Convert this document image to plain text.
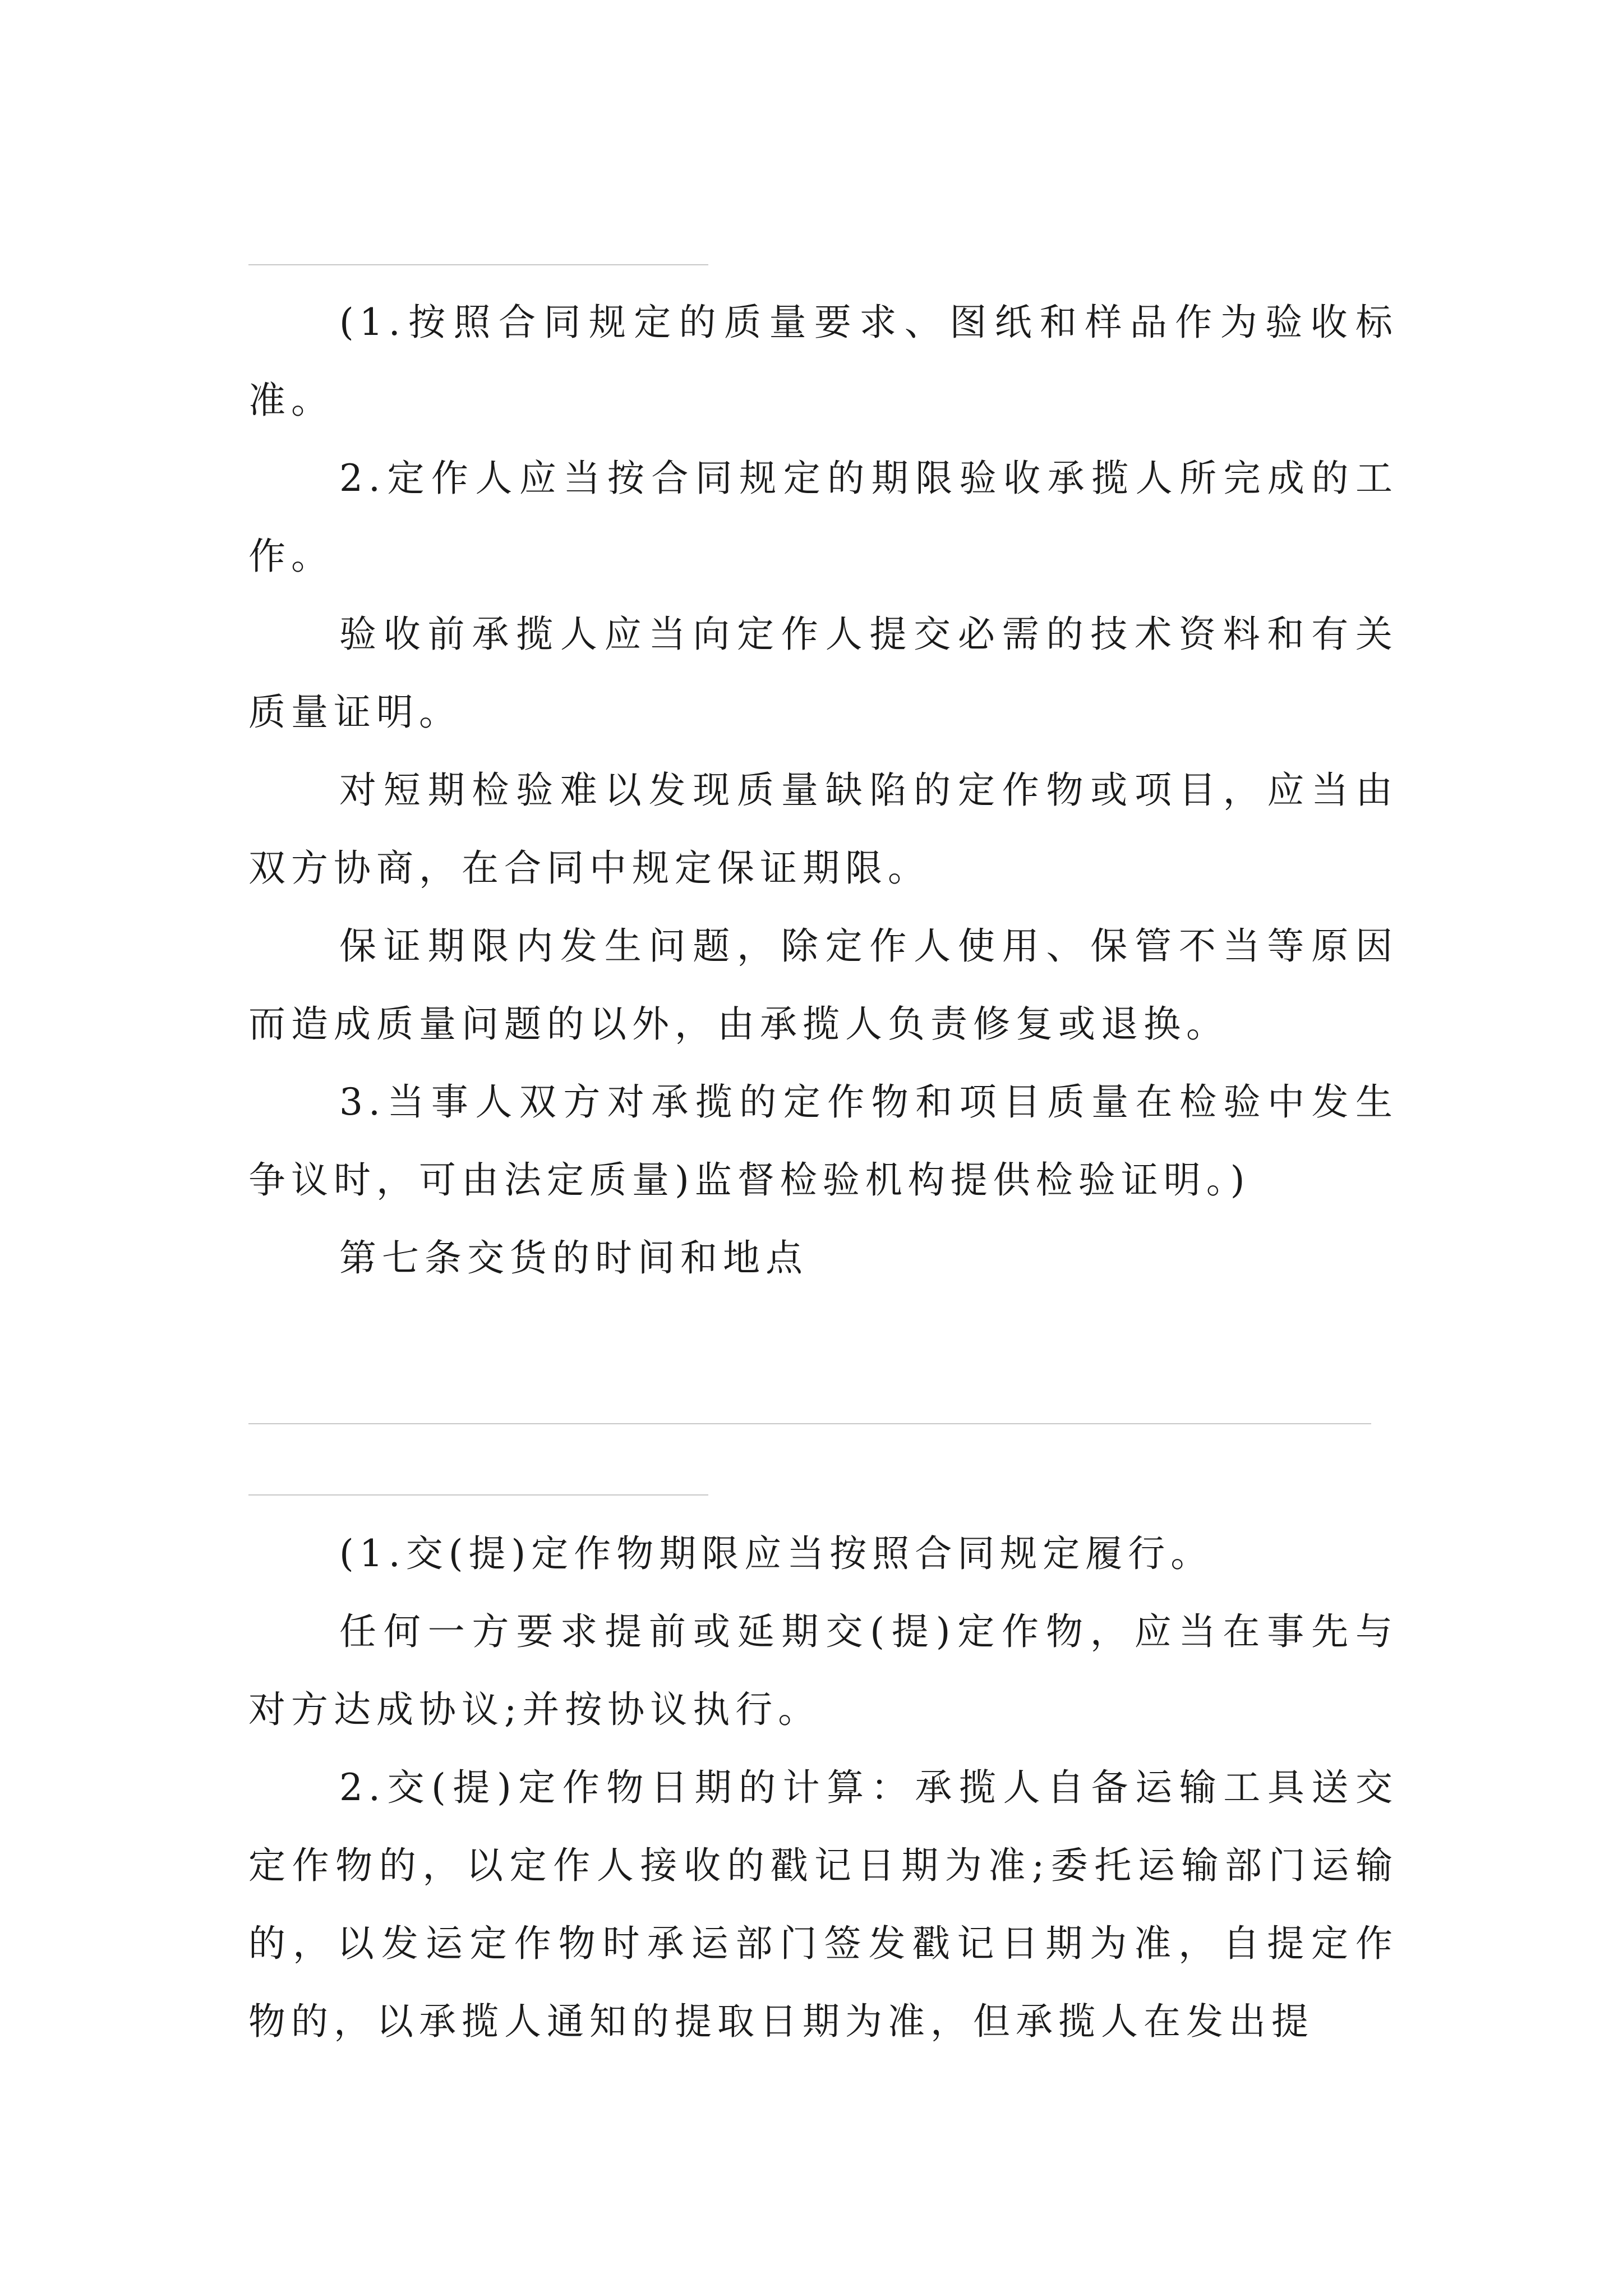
(1.按照合同规定的质量要求、图纸和样品作为验收标准。

2.定作人应当按合同规定的期限验收承揽人所完成的工作。

验收前承揽人应当向定作人提交必需的技术资料和有关质量证明。

对短期检验难以发现质量缺陷的定作物或项目，应当由双方协商，在合同中规定保证期限。

保证期限内发生问题，除定作人使用、保管不当等原因而造成质量问题的以外，由承揽人负责修复或退换。

3.当事人双方对承揽的定作物和项目质量在检验中发生争议时，可由法定质量)监督检验机构提供检验证明。)

第七条交货的时间和地点

(1.交(提)定作物期限应当按照合同规定履行。

任何一方要求提前或延期交(提)定作物，应当在事先与对方达成协议;并按协议执行。

2.交(提)定作物日期的计算：承揽人自备运输工具送交定作物的，以定作人接收的戳记日期为准;委托运输部门运输的，以发运定作物时承运部门签发戳记日期为准，自提定作物的，以承揽人通知的提取日期为准，但承揽人在发出提
